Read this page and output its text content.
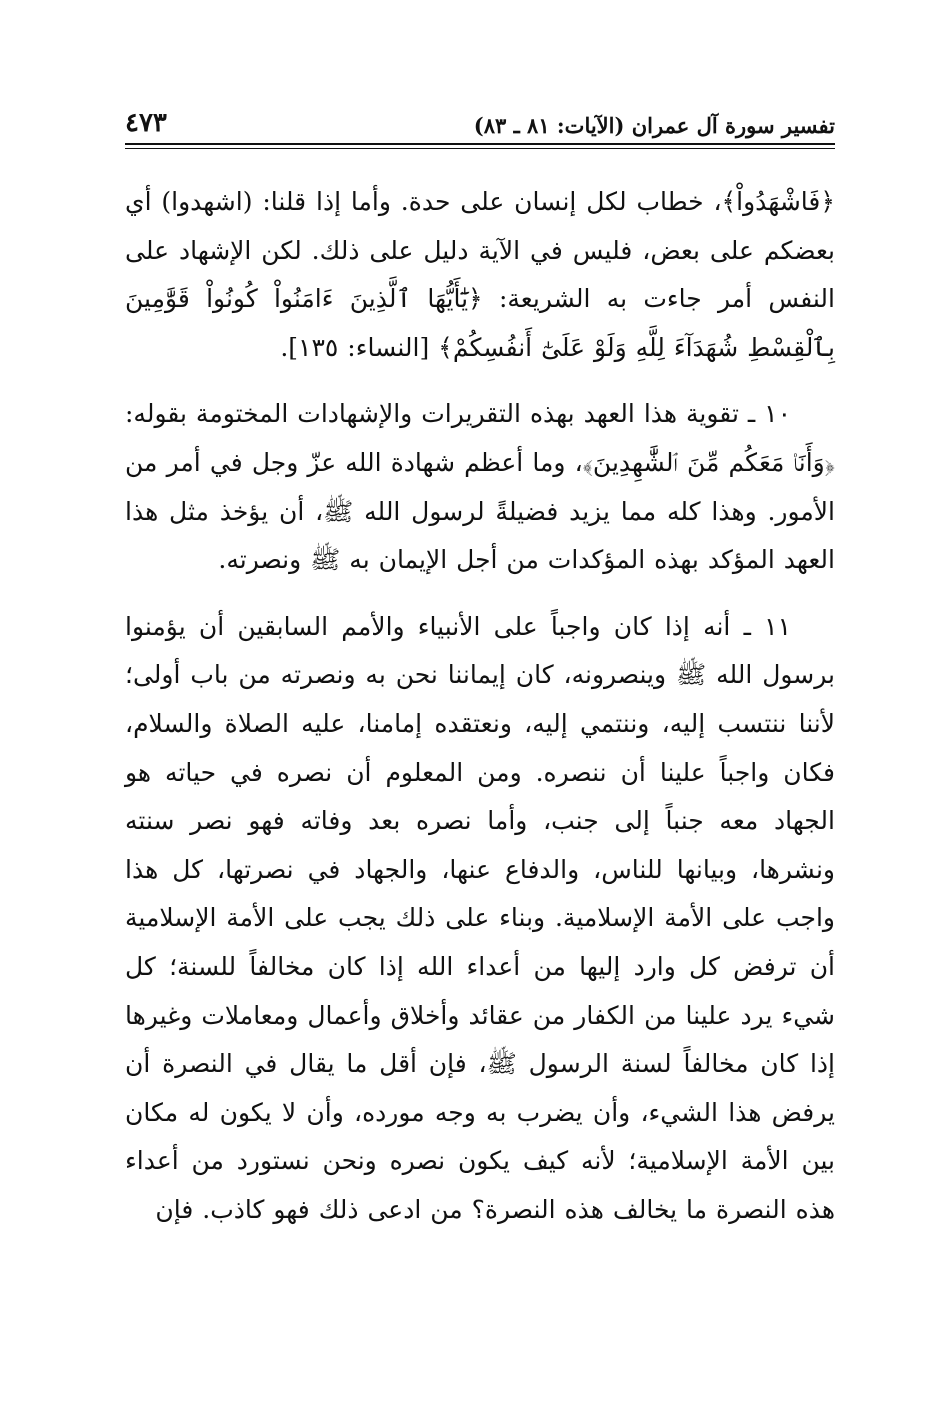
تفسير سورة آل عمران (الآيات: ٨١ ـ ٨٣)
٤٧٣

﴿فَاشْهَدُواْ﴾، خطاب لكل إنسان على حدة. وأما إذا قلنا: (اشهدوا) أي بعضكم على بعض، فليس في الآية دليل على ذلك. لكن الإشهاد على النفس أمر جاءت به الشريعة: ﴿يَٰٓأَيُّهَا ٱلَّذِينَ ءَامَنُواْ كُونُواْ قَوَّٰمِينَ بِٱلْقِسْطِ شُهَدَآءَ لِلَّهِ وَلَوْ عَلَىٰٓ أَنفُسِكُمْ﴾ [النساء: ١٣٥].

١٠ ـ تقوية هذا العهد بهذه التقريرات والإشهادات المختومة بقوله: ﴿وَأَنَا۠ مَعَكُم مِّنَ ٱلشَّٰهِدِينَ﴾، وما أعظم شهادة الله عزّ وجل في أمر من الأمور. وهذا كله مما يزيد فضيلةً لرسول الله ﷺ، أن يؤخذ مثل هذا العهد المؤكد بهذه المؤكدات من أجل الإيمان به ﷺ ونصرته.

١١ ـ أنه إذا كان واجباً على الأنبياء والأمم السابقين أن يؤمنوا برسول الله ﷺ وينصرونه، كان إيماننا نحن به ونصرته من باب أولى؛ لأننا ننتسب إليه، وننتمي إليه، ونعتقده إمامنا، عليه الصلاة والسلام، فكان واجباً علينا أن ننصره. ومن المعلوم أن نصره في حياته هو الجهاد معه جنباً إلى جنب، وأما نصره بعد وفاته فهو نصر سنته ونشرها، وبيانها للناس، والدفاع عنها، والجهاد في نصرتها، كل هذا واجب على الأمة الإسلامية. وبناء على ذلك يجب على الأمة الإسلامية أن ترفض كل وارد إليها من أعداء الله إذا كان مخالفاً للسنة؛ كل شيء يرد علينا من الكفار من عقائد وأخلاق وأعمال ومعاملات وغيرها إذا كان مخالفاً لسنة الرسول ﷺ، فإن أقل ما يقال في النصرة أن يرفض هذا الشيء، وأن يضرب به وجه مورده، وأن لا يكون له مكان بين الأمة الإسلامية؛ لأنه كيف يكون نصره ونحن نستورد من أعداء هذه النصرة ما يخالف هذه النصرة؟ من ادعى ذلك فهو كاذب. فإن
